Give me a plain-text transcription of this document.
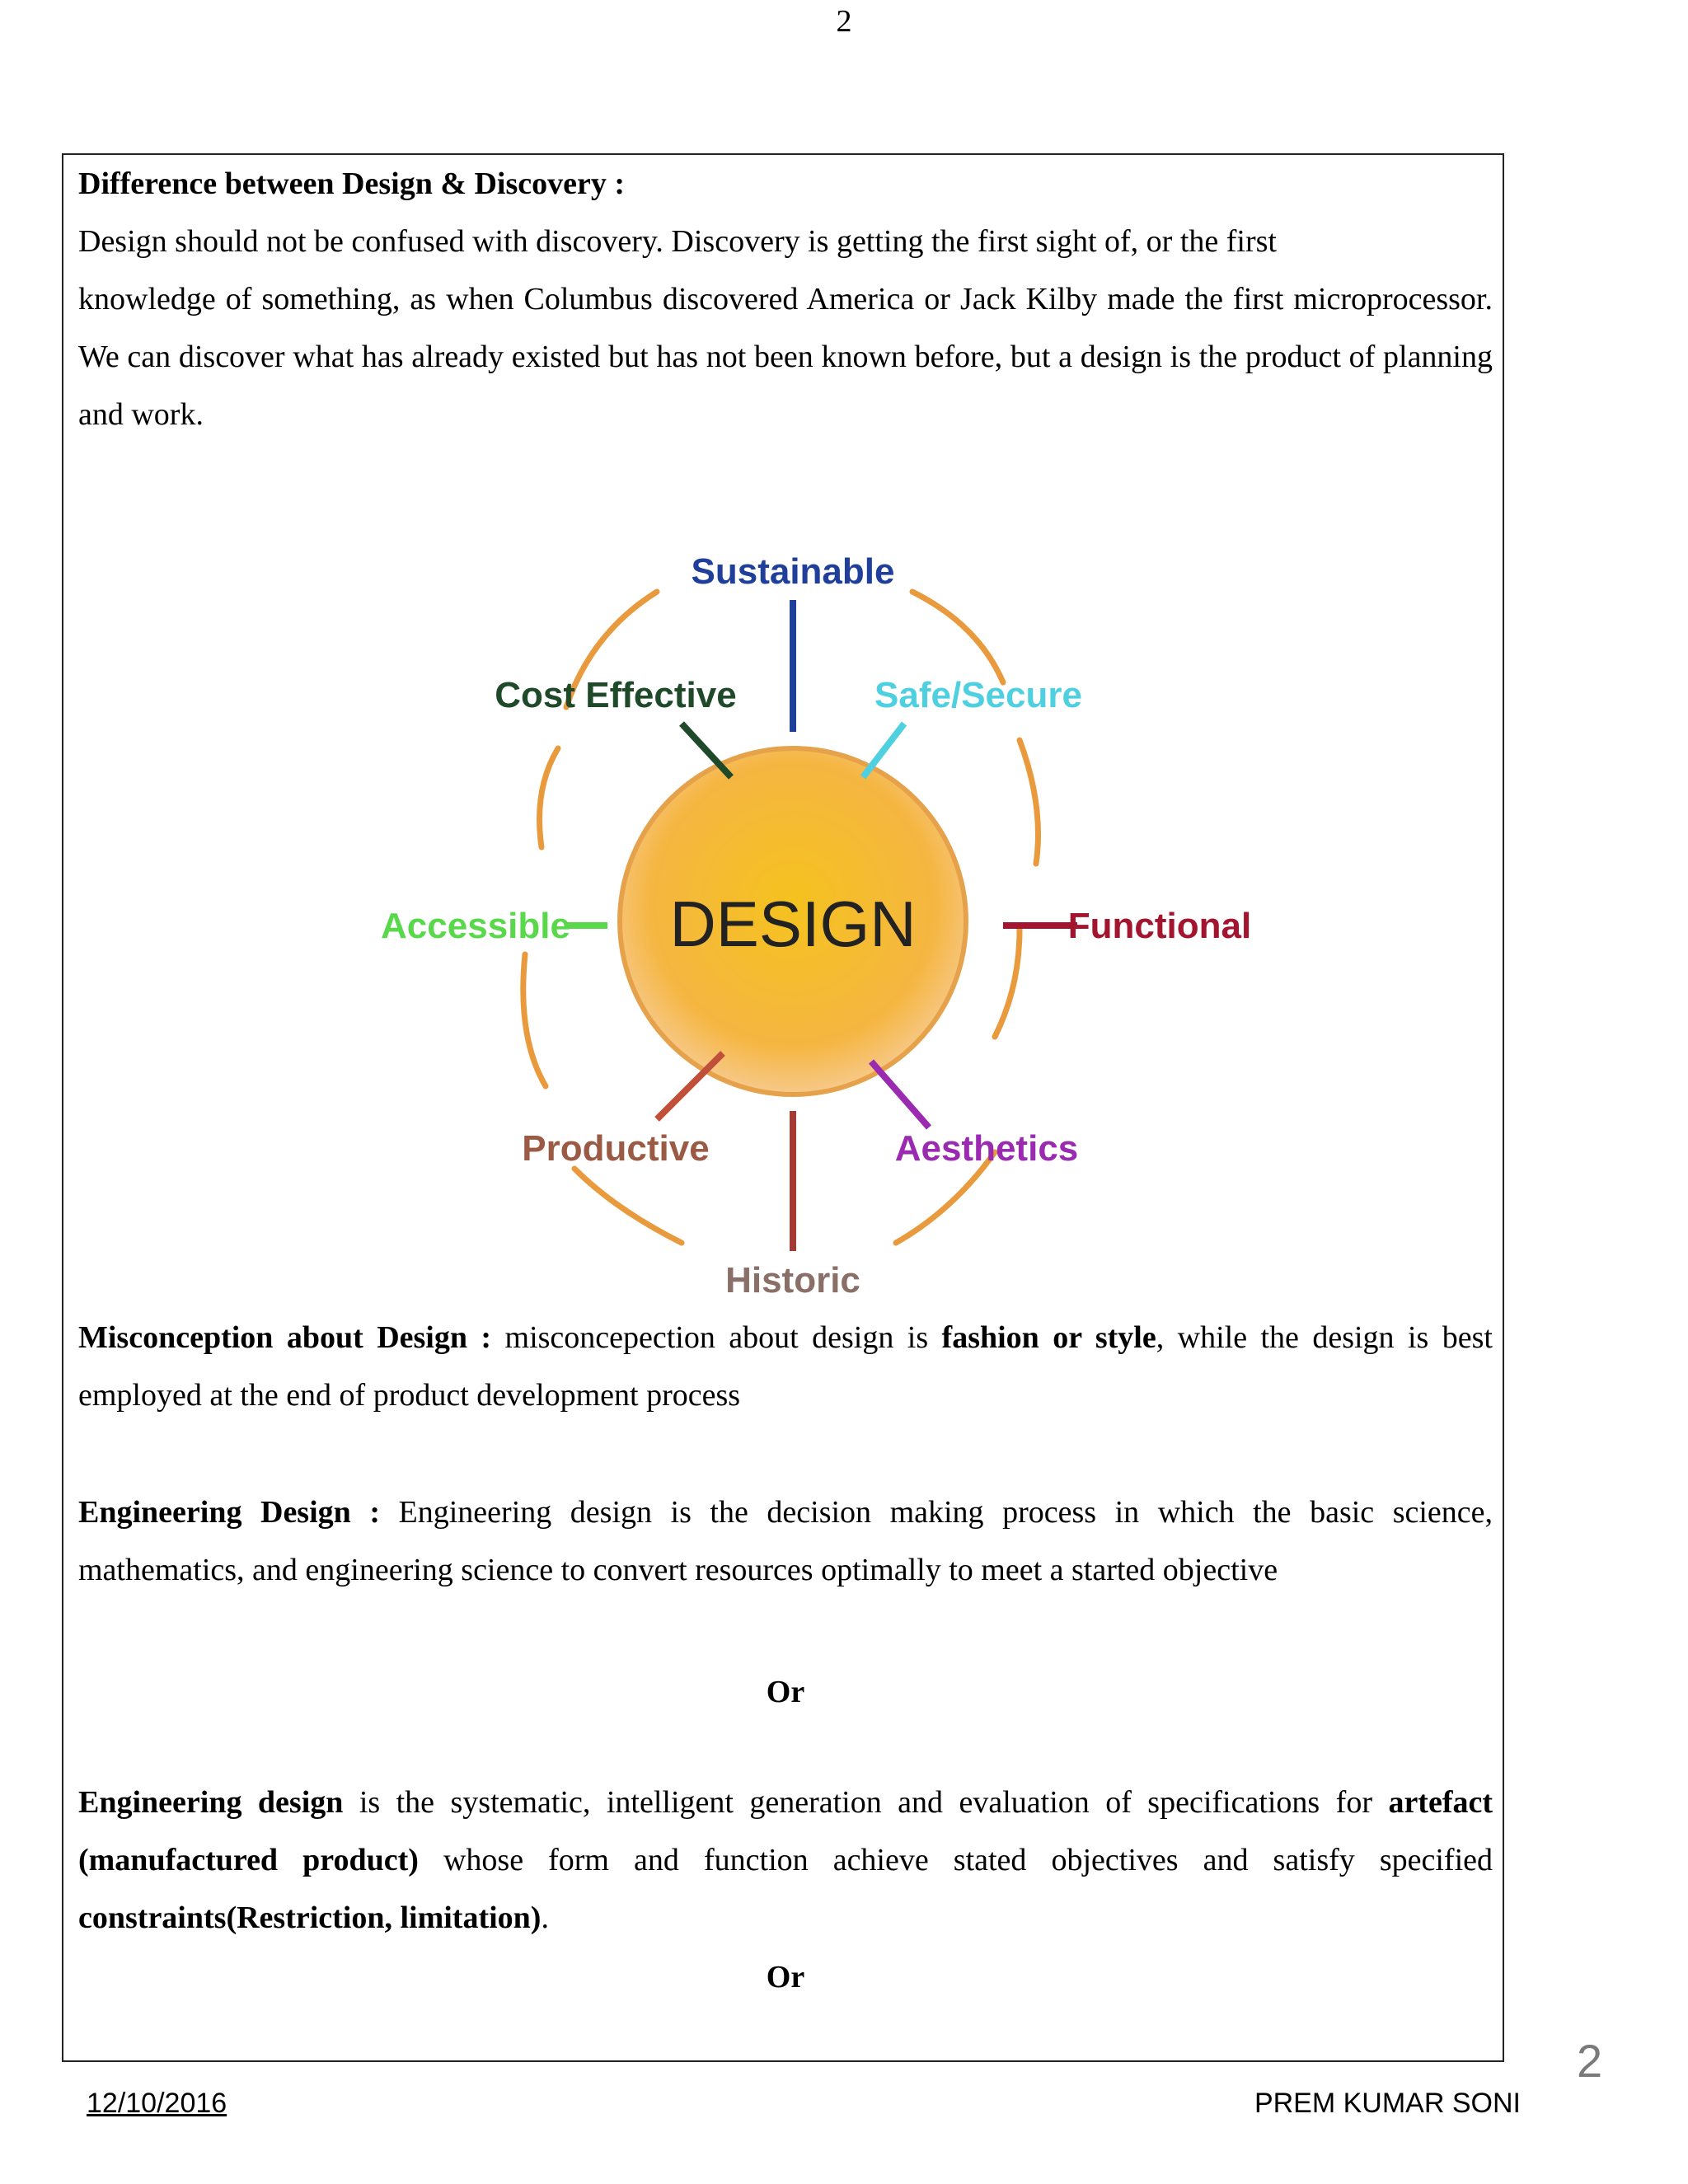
2
Difference between Design & Discovery :
Design should not be confused with discovery. Discovery is getting the first sight of, or the first
knowledge of something, as when Columbus discovered America or Jack Kilby made the first microprocessor. We can discover what has already existed but has not been known before, but a design is the product of planning and work.
DESIGN
Sustainable
Cost Effective	Safe/Secure
Functional
Accessible
Productive	Aesthetics
Historic
Misconception about Design : misconcepection about design is fashion or style, while the design is best employed at the end of product development process
Engineering Design : Engineering design is the decision making process in which the basic science, mathematics, and engineering science to convert resources optimally to meet a started objective
Or
Engineering design is the systematic, intelligent generation and evaluation of specifications for artefact (manufactured product) whose form and function achieve stated objectives and satisfy specified constraints(Restriction, limitation).
Or
2
12/10/2016	PREM KUMAR SONI
